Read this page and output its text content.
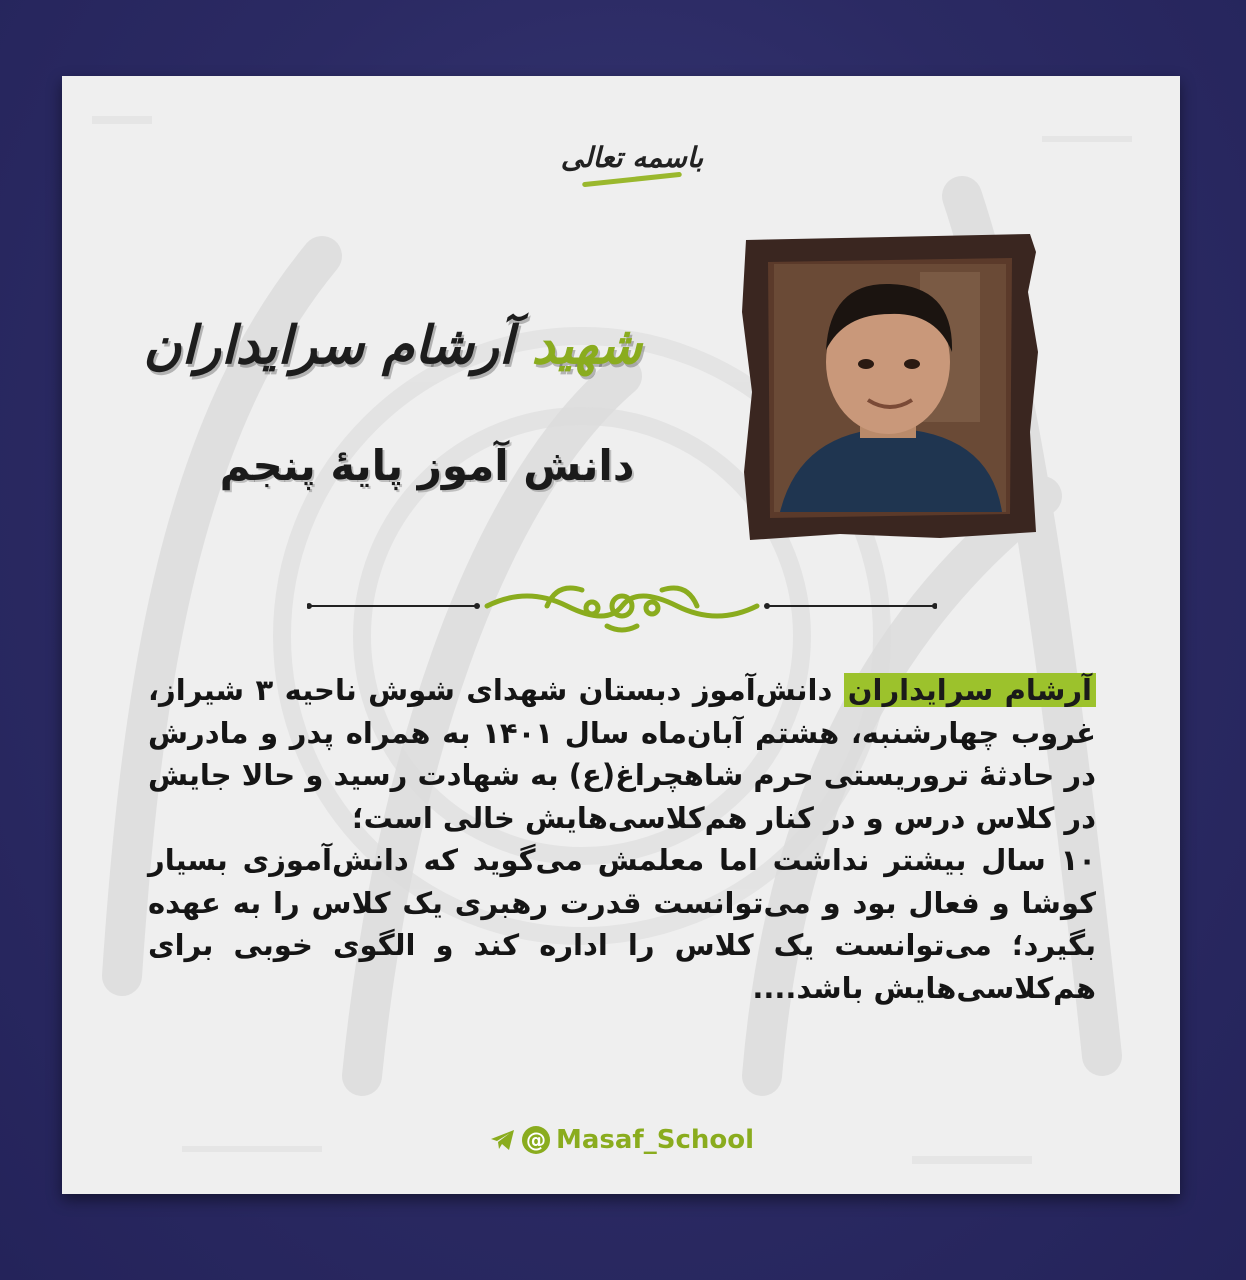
باسمه تعالی
شهید آرشام سرایداران
دانش آموز پایهٔ پنجم

آرشام سرایداران دانش‌آموز دبستان شهدای شوش ناحیه ۳ شیراز، غروب چهارشنبه، هشتم آبان‌ماه سال ۱۴۰۱ به همراه پدر و مادرش در حادثهٔ تروریستی حرم شاهچراغ(ع) به شهادت رسید و حالا جایش در کلاس درس و در کنار هم‌کلاسی‌هایش خالی است؛

۱۰ سال بیشتر نداشت اما معلمش می‌گوید که دانش‌آموزی بسیار کوشا و فعال بود و می‌توانست قدرت رهبری یک کلاس را به عهده بگیرد؛ می‌توانست یک کلاس را اداره کند و الگوی خوبی برای هم‌کلاسی‌هایش باشد....

@ Masaf_School
